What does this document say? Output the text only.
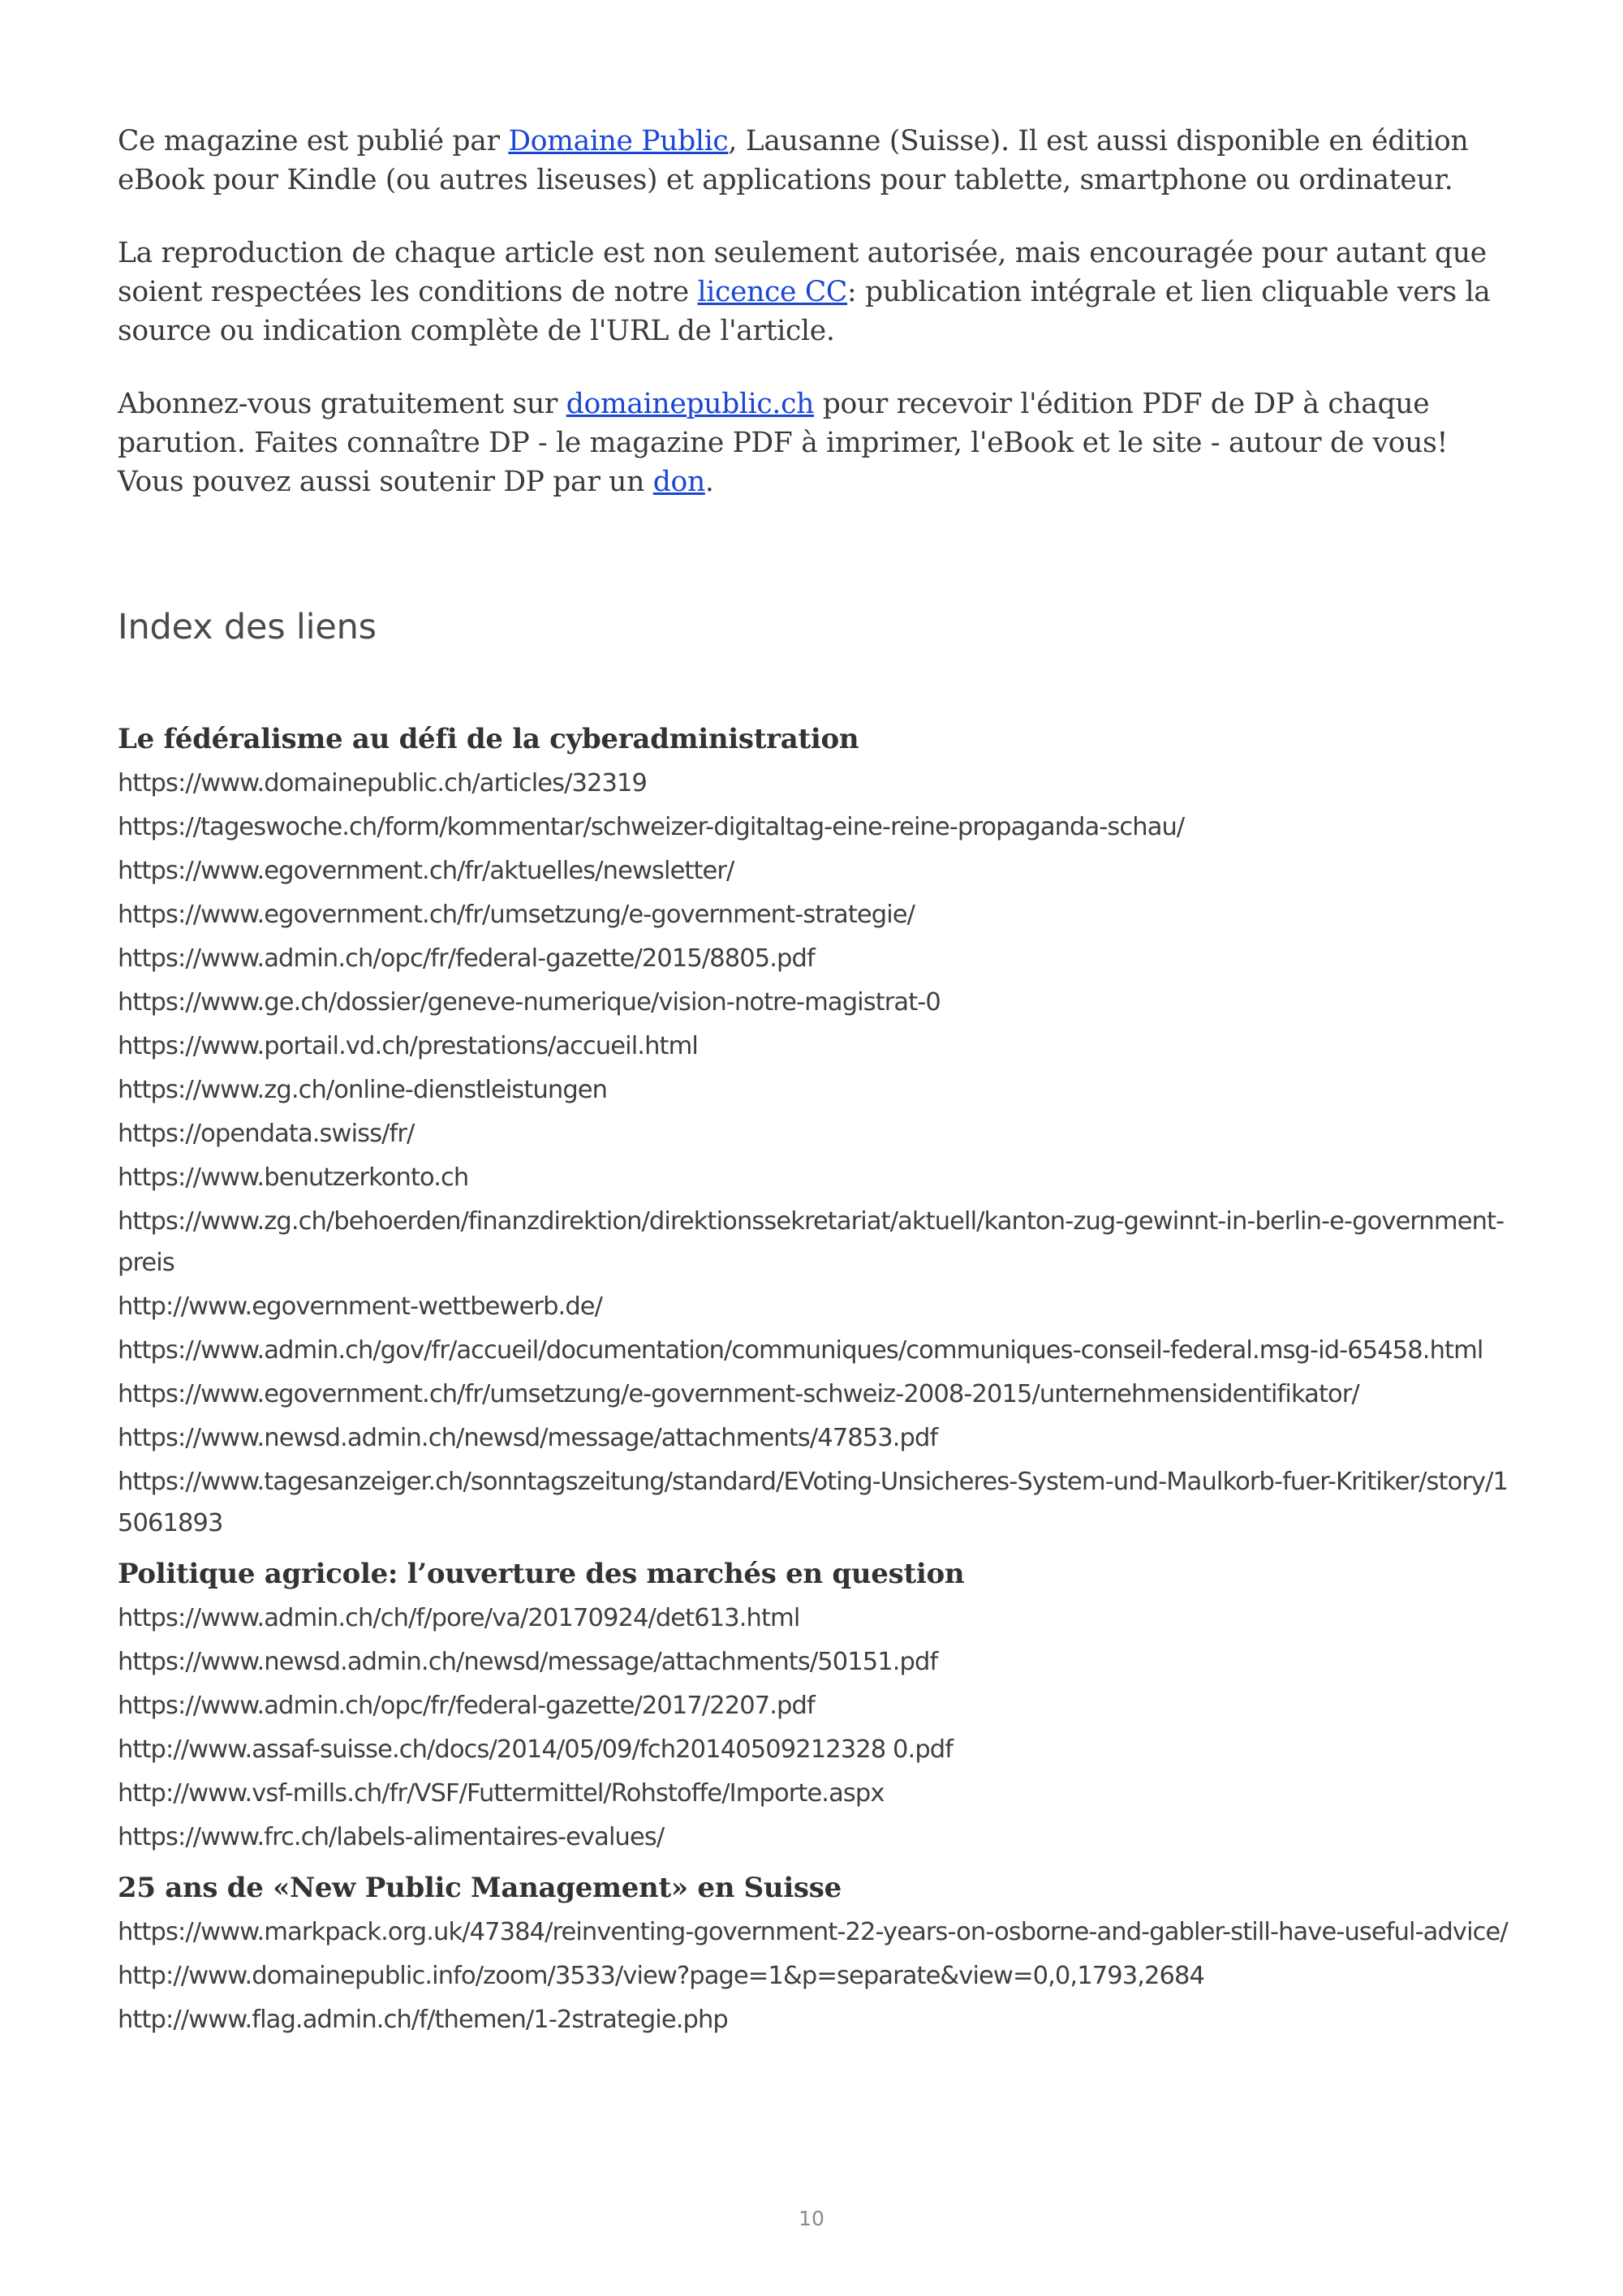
Ce magazine est publié par Domaine Public, Lausanne (Suisse). Il est aussi disponible en édition eBook pour Kindle (ou autres liseuses) et applications pour tablette, smartphone ou ordinateur.

La reproduction de chaque article est non seulement autorisée, mais encouragée pour autant que soient respectées les conditions de notre licence CC: publication intégrale et lien cliquable vers la source ou indication complète de l'URL de l'article.

Abonnez-vous gratuitement sur domainepublic.ch pour recevoir l'édition PDF de DP à chaque parution. Faites connaître DP - le magazine PDF à imprimer, l'eBook et le site - autour de vous! Vous pouvez aussi soutenir DP par un don.

Index des liens
Le fédéralisme au défi de la cyberadministration
https://www.domainepublic.ch/articles/32319
https://tageswoche.ch/form/kommentar/schweizer-digitaltag-eine-reine-propaganda-schau/
https://www.egovernment.ch/fr/aktuelles/newsletter/
https://www.egovernment.ch/fr/umsetzung/e-government-strategie/
https://www.admin.ch/opc/fr/federal-gazette/2015/8805.pdf
https://www.ge.ch/dossier/geneve-numerique/vision-notre-magistrat-0
https://www.portail.vd.ch/prestations/accueil.html
https://www.zg.ch/online-dienstleistungen
https://opendata.swiss/fr/
https://www.benutzerkonto.ch
https://www.zg.ch/behoerden/finanzdirektion/direktionssekretariat/aktuell/kanton-zug-gewinnt-in-berlin-e-government-preis
http://www.egovernment-wettbewerb.de/
https://www.admin.ch/gov/fr/accueil/documentation/communiques/communiques-conseil-federal.msg-id-65458.html
https://www.egovernment.ch/fr/umsetzung/e-government-schweiz-2008-2015/unternehmensidentifikator/
https://www.newsd.admin.ch/newsd/message/attachments/47853.pdf
https://www.tagesanzeiger.ch/sonntagszeitung/standard/EVoting-Unsicheres-System-und-Maulkorb-fuer-Kritiker/story/15061893
Politique agricole: l’ouverture des marchés en question
https://www.admin.ch/ch/f/pore/va/20170924/det613.html
https://www.newsd.admin.ch/newsd/message/attachments/50151.pdf
https://www.admin.ch/opc/fr/federal-gazette/2017/2207.pdf
http://www.assaf-suisse.ch/docs/2014/05/09/fch20140509212328 0.pdf
http://www.vsf-mills.ch/fr/VSF/Futtermittel/Rohstoffe/Importe.aspx
https://www.frc.ch/labels-alimentaires-evalues/
25 ans de «New Public Management» en Suisse
https://www.markpack.org.uk/47384/reinventing-government-22-years-on-osborne-and-gabler-still-have-useful-advice/
http://www.domainepublic.info/zoom/3533/view?page=1&p=separate&view=0,0,1793,2684
http://www.flag.admin.ch/f/themen/1-2strategie.php
10
